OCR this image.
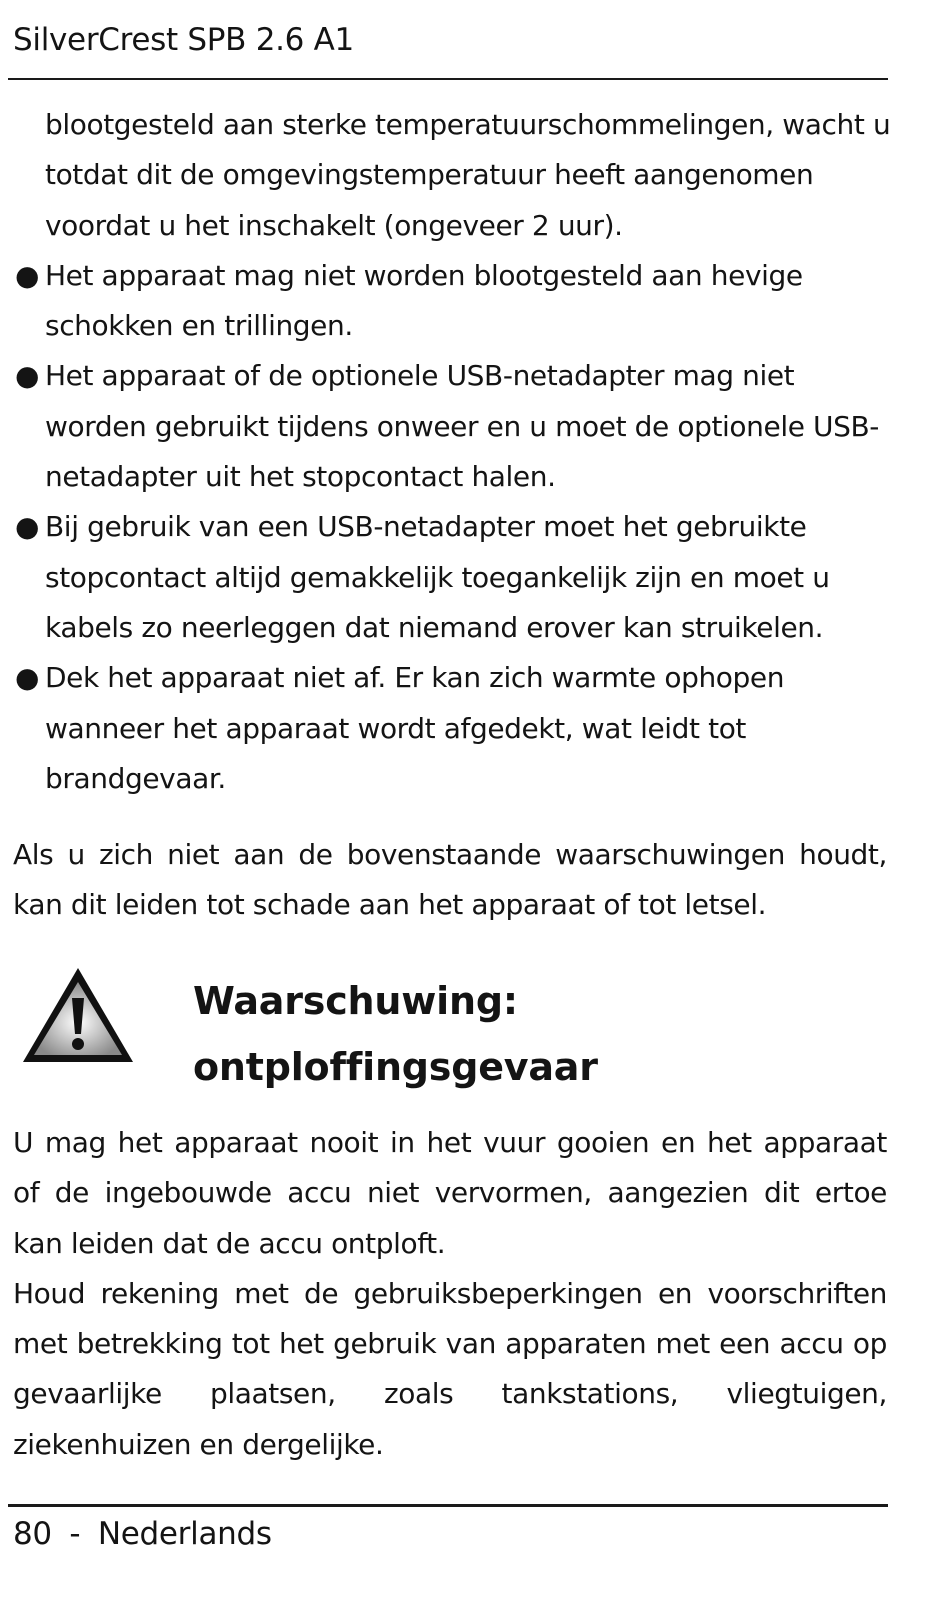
SilverCrest SPB 2.6 A1
blootgesteld aan sterke temperatuurschommelingen, wacht u
totdat dit de omgevingstemperatuur heeft aangenomen
voordat u het inschakelt (ongeveer 2 uur).
● Het apparaat mag niet worden blootgesteld aan hevige
schokken en trillingen.
● Het apparaat of de optionele USB-netadapter mag niet
worden gebruikt tijdens onweer en u moet de optionele USB-
netadapter uit het stopcontact halen.
● Bij gebruik van een USB-netadapter moet het gebruikte
stopcontact altijd gemakkelijk toegankelijk zijn en moet u
kabels zo neerleggen dat niemand erover kan struikelen.
● Dek het apparaat niet af. Er kan zich warmte ophopen
wanneer het apparaat wordt afgedekt, wat leidt tot
brandgevaar.
Als u zich niet aan de bovenstaande waarschuwingen houdt,
kan dit leiden tot schade aan het apparaat of tot letsel.
Waarschuwing:
ontploffingsgevaar
U mag het apparaat nooit in het vuur gooien en het apparaat
of de ingebouwde accu niet vervormen, aangezien dit ertoe
kan leiden dat de accu ontploft.
Houd rekening met de gebruiksbeperkingen en voorschriften
met betrekking tot het gebruik van apparaten met een accu op
gevaarlijke plaatsen, zoals tankstations, vliegtuigen,
ziekenhuizen en dergelijke.
80 - Nederlands
